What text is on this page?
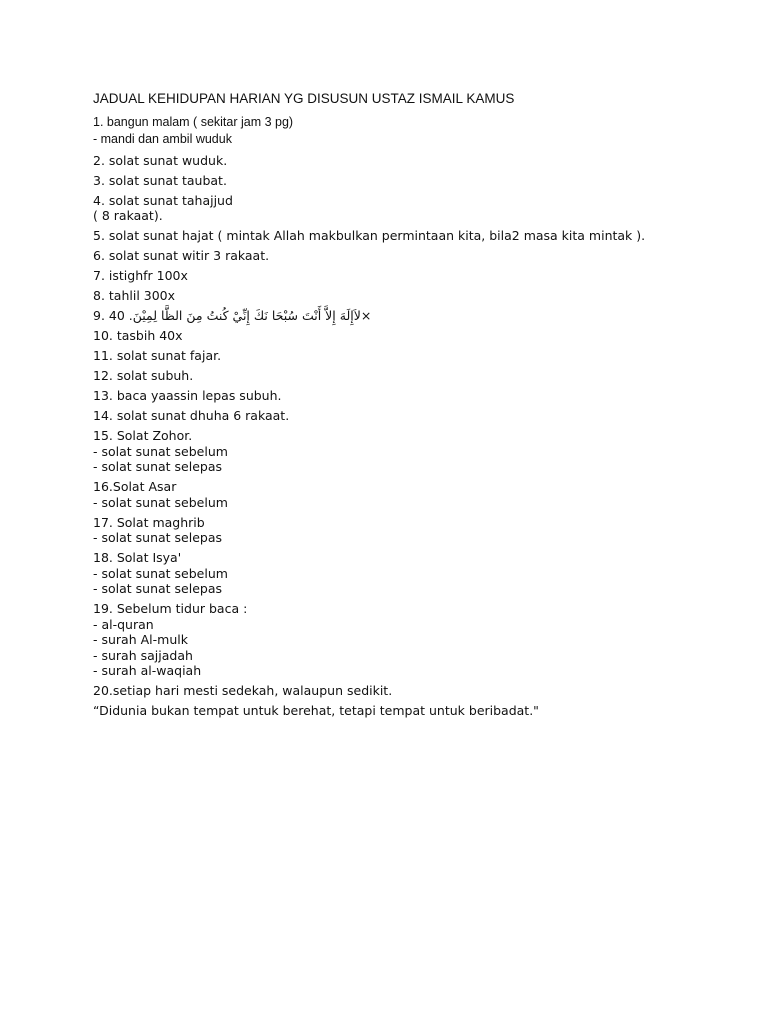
JADUAL KEHIDUPAN HARIAN YG DISUSUN USTAZ ISMAIL KAMUS
1. bangun malam ( sekitar jam 3 pg)
- mandi dan ambil wuduk
2. solat sunat wuduk.
3. solat sunat taubat.
4. solat sunat tahajjud
( 8 rakaat).
5. solat sunat hajat ( mintak Allah makbulkan permintaan kita, bila2 masa kita mintak ).
6. solat sunat witir 3 rakaat.
7. istighfr 100x
8. tahlil 300x
9. 40 .لاَإِلَهَ إِلاَّ أَنْتَ سُبْحَا نَكَ إِنِّيْ كُنتُ مِنَ الظَّا لِمِيْنَ×
10. tasbih 40x
11. solat sunat fajar.
12. solat subuh.
13. baca yaassin lepas subuh.
14. solat sunat dhuha 6 rakaat.
15. Solat Zohor.
- solat sunat sebelum
- solat sunat selepas
16.Solat Asar
- solat sunat sebelum
17. Solat maghrib
- solat sunat selepas
18. Solat Isya'
- solat sunat sebelum
- solat sunat selepas
19. Sebelum tidur baca :
- al-quran
- surah Al-mulk
- surah sajjadah
- surah al-waqiah
20.setiap hari mesti sedekah, walaupun sedikit.
“Didunia bukan tempat untuk berehat, tetapi tempat untuk beribadat."
